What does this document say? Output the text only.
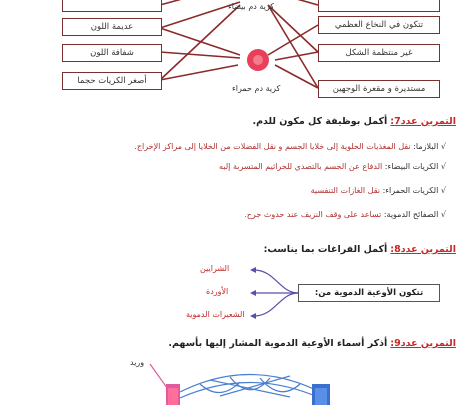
عديمة اللون
شفافة اللون
أصغر الكريات حجما
تتكون في النخاع العظمي
غير منتظمة الشكل
مستديرة و مقعرة الوجهين
كرية دم بيضاء
كرية دم حمراء
التمرين عدد7: أكمل بوظيفة كل مكون للدم.
√ البلازما: نقل المغذيات الحلوية إلى خلايا الجسم و نقل الفضلات من الخلايا إلى مراكز الإخراج.
√ الكريات البيضاء: الدفاع عن الجسم بالتصدي للجراثيم المتسربة إليه
√ الكريات الحمراء: نقل الغازات التنفسية
√ الصفائح الدموية: تساعد على وقف النزيف عند حدوث جرح.
التمرين عدد8: أكمل الفراغات بما يناسب:
تتكون الأوعية الدموية من:
الشرايين
الأوردة
الشعيرات الدموية
التمرين عدد9: أذكر أسماء الأوعية الدموية المشار إليها بأسهم.
وريد
